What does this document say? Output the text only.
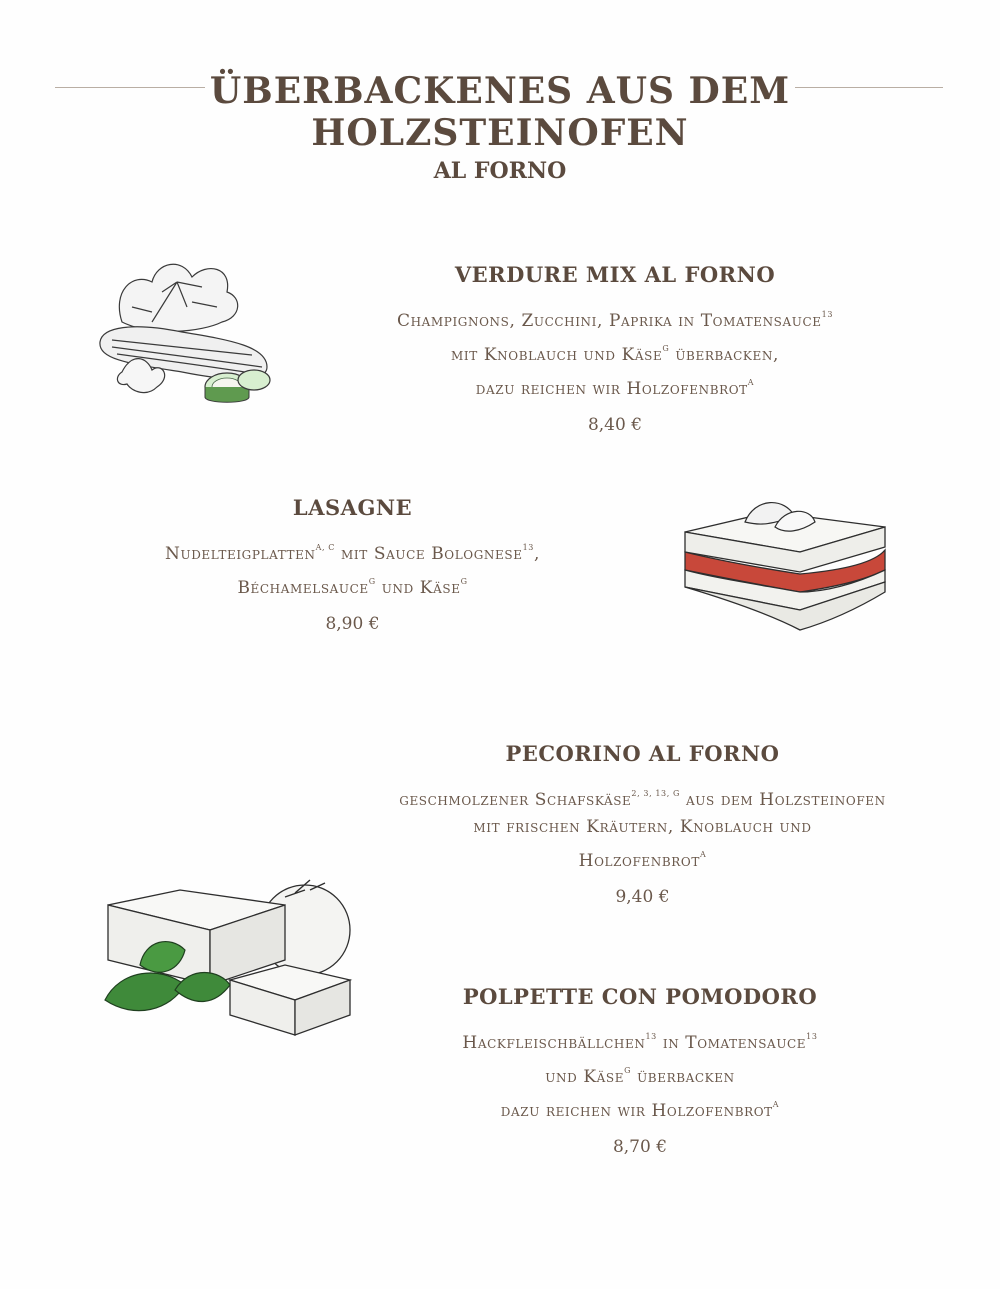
ÜBERBACKENES AUS DEM
HOLZSTEINOFEN
AL FORNO
VERDURE MIX AL FORNO
Champignons, Zucchini, Paprika in Tomatensauce$^{13}$
mit Knoblauch und Käse$^G$ überbacken,
dazu reichen wir Holzofenbrot$^A$
8,40 €
LASAGNE
Nudelteigplatten$^{A, C}$ mit Sauce Bolognese$^{13}$,
Béchamelsauce$^G$ und Käse$^G$
8,90 €
PECORINO AL FORNO
geschmolzener Schafskäse$^{2, 3, 13, G}$ aus dem Holzsteinofen
mit frischen Kräutern, Knoblauch und
Holzofenbrot$^A$
9,40 €
POLPETTE CON POMODORO
Hackfleischbällchen$^{13}$ in Tomatensauce$^{13}$
und Käse$^G$ überbacken
dazu reichen wir Holzofenbrot$^A$
8,70 €
